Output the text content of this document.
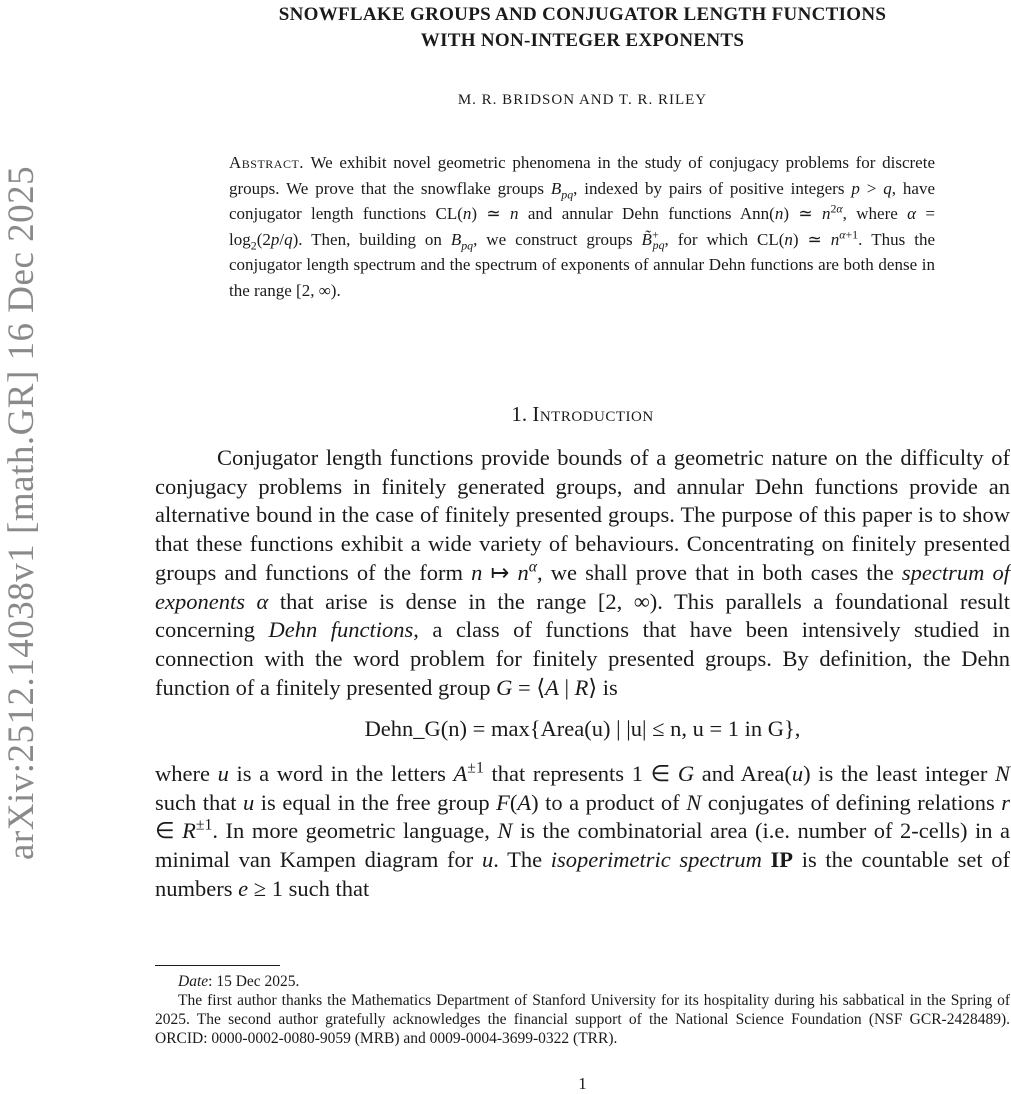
arXiv:2512.14038v1 [math.GR] 16 Dec 2025
SNOWFLAKE GROUPS AND CONJUGATOR LENGTH FUNCTIONS
WITH NON-INTEGER EXPONENTS
M. R. BRIDSON AND T. R. RILEY
Abstract. We exhibit novel geometric phenomena in the study of conjugacy problems for discrete groups. We prove that the snowflake groups $B_{pq}$, indexed by pairs of positive integers p > q, have conjugator length functions CL(n) ≃ n and annular Dehn functions Ann(n) ≃ $n^{2\alpha}$, where $\alpha = \log_2(2p/q)$. Then, building on $B_{pq}$, we construct groups $B̃^+_{pq}$, for which CL(n) ≃ $n^{\alpha+1}$. Thus the conjugator length spectrum and the spectrum of exponents of annular Dehn functions are both dense in the range [2, ∞).
1. Introduction

Conjugator length functions provide bounds of a geometric nature on the difficulty of conjugacy problems in finitely generated groups, and annular Dehn functions provide an alternative bound in the case of finitely presented groups. The purpose of this paper is to show that these functions exhibit a wide variety of behaviours. Concentrating on finitely presented groups and functions of the form n ↦ $n^\alpha$, we shall prove that in both cases the spectrum of exponents α that arise is dense in the range [2, ∞). This parallels a foundational result concerning Dehn functions, a class of functions that have been intensively studied in connection with the word problem for finitely presented groups. By definition, the Dehn function of a finitely presented group G = ⟨A | R⟩ is

Dehn_G(n) = max{Area(u) | |u| ≤ n, u = 1 in G},

where u is a word in the letters $A^{\pm 1}$ that represents 1 ∈ G and Area(u) is the least integer N such that u is equal in the free group F(A) to a product of N conjugates of defining relations r ∈ $R^{\pm 1}$. In more geometric language, N is the combinatorial area (i.e. number of 2-cells) in a minimal van Kampen diagram for u. The isoperimetric spectrum IP is the countable set of numbers e ≥ 1 such that

Date: 15 Dec 2025.

The first author thanks the Mathematics Department of Stanford University for its hospitality during his sabbatical in the Spring of 2025. The second author gratefully acknowledges the financial support of the National Science Foundation (NSF GCR-2428489). ORCID: 0000-0002-0080-9059 (MRB) and 0009-0004-3699-0322 (TRR).

1
